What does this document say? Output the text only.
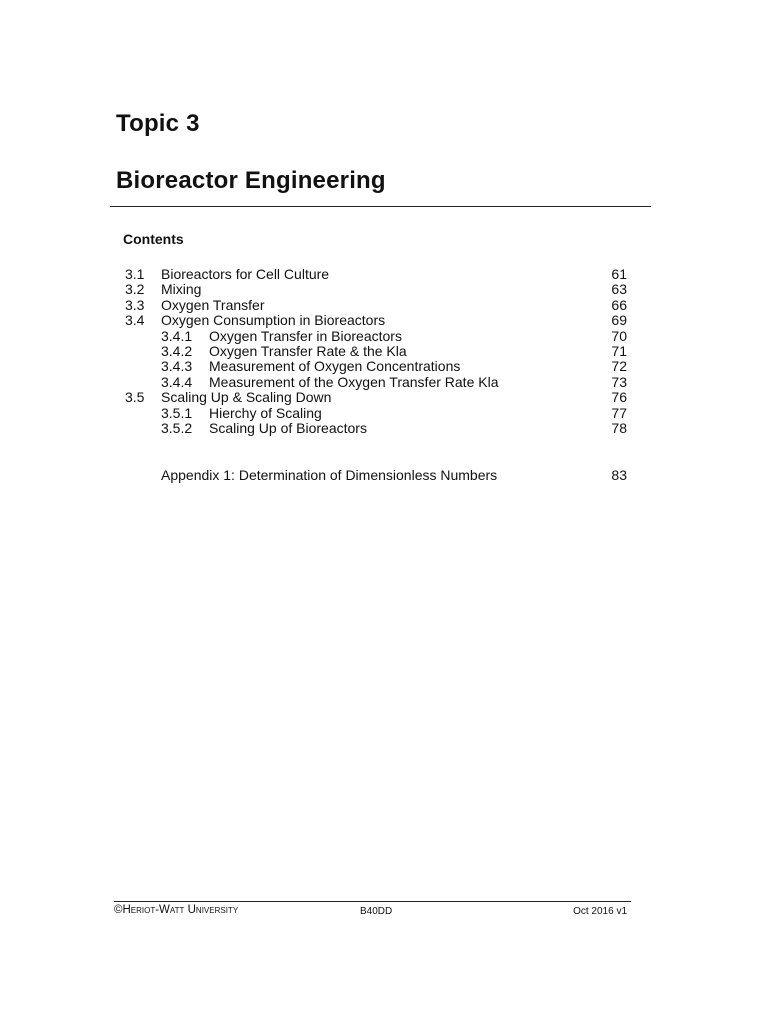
Topic 3
Bioreactor Engineering
Contents
3.1 Bioreactors for Cell Culture	61
3.2 Mixing	63
3.3 Oxygen Transfer	66
3.4 Oxygen Consumption in Bioreactors	69
3.4.1 Oxygen Transfer in Bioreactors	70
3.4.2 Oxygen Transfer Rate & the Kla	71
3.4.3 Measurement of Oxygen Concentrations	72
3.4.4 Measurement of the Oxygen Transfer Rate Kla	73
3.5 Scaling Up & Scaling Down	76
3.5.1 Hierchy of Scaling	77
3.5.2 Scaling Up of Bioreactors	78
Appendix 1: Determination of Dimensionless Numbers	83
©Heriot-Watt University	B40DD	Oct 2016 v1
